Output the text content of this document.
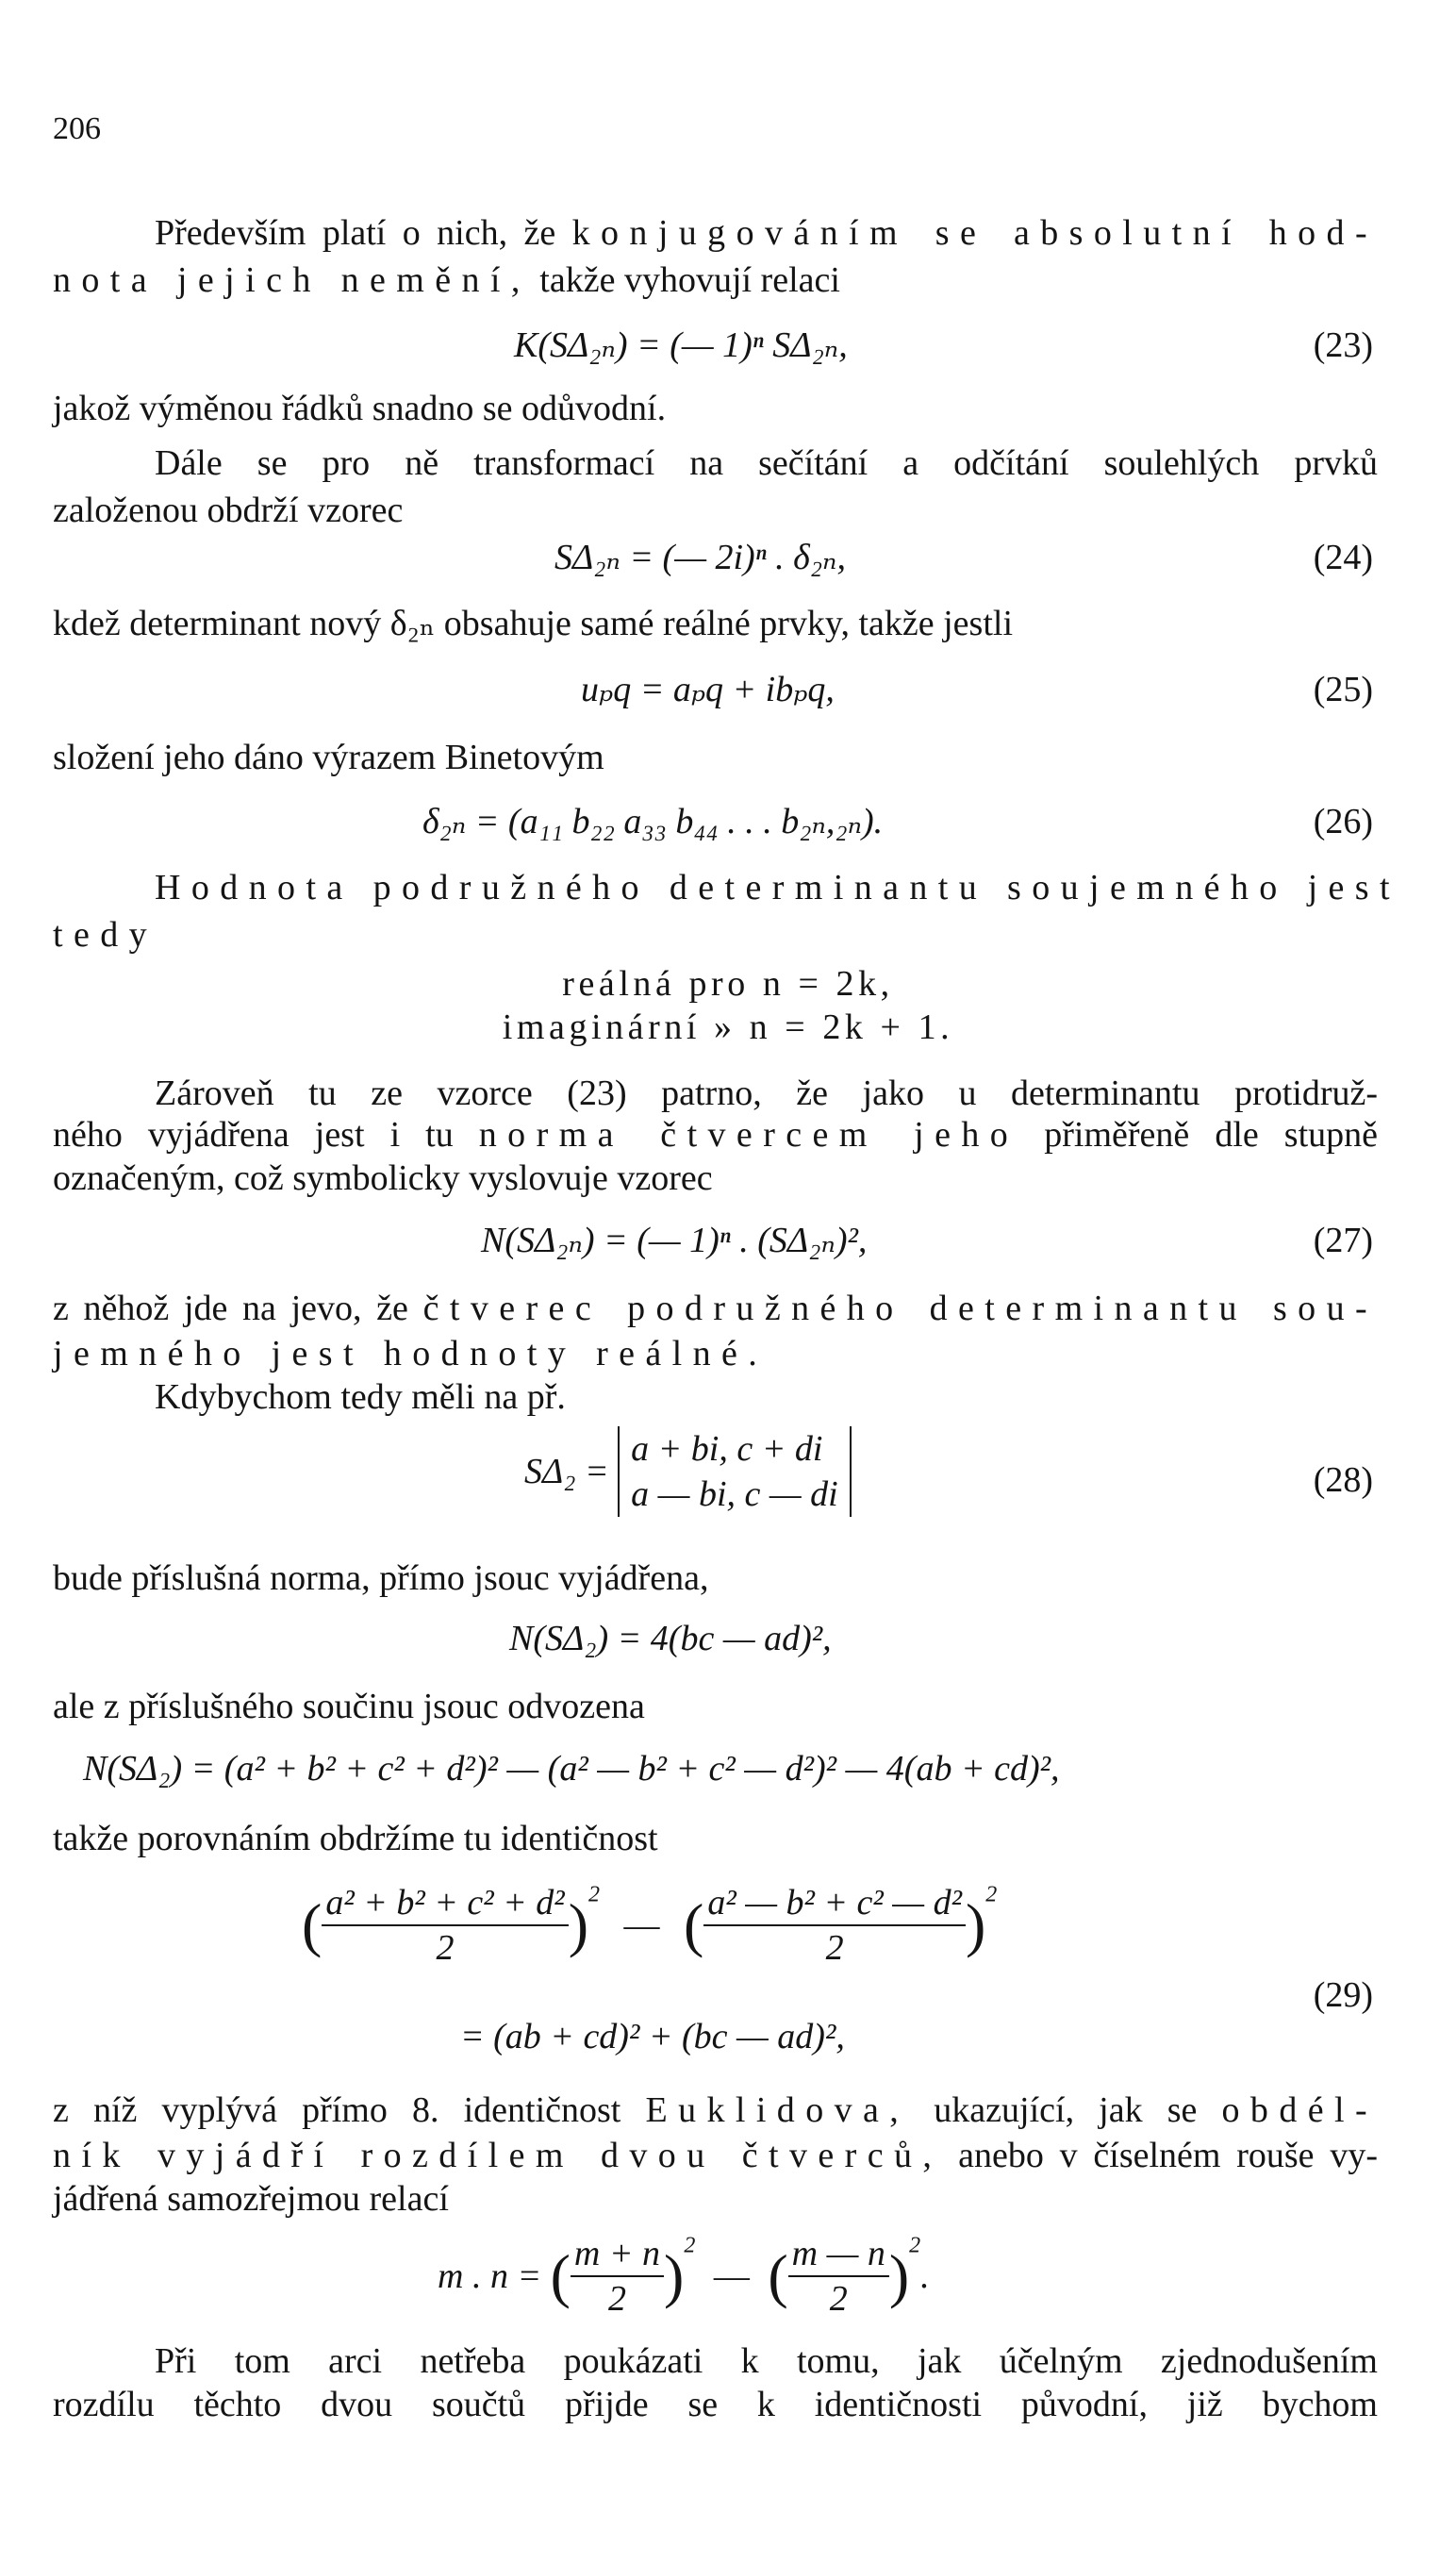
206
Především platí o nich, že konjugováním se absolutní hod-
nota jejich nemění, takže vyhovují relaci
K(SΔ₂ₙ) = (— 1)ⁿ SΔ₂ₙ,	(23)
jakož výměnou řádků snadno se odůvodní.
Dále se pro ně transformací na sečítání a odčítání soulehlých prvků
založenou obdrží vzorec
SΔ₂ₙ = (— 2i)ⁿ . δ₂ₙ,	(24)
kdež determinant nový δ₂ₙ obsahuje samé reálné prvky, takže jestli
uₚq = aₚq + ibₚq,	(25)
složení jeho dáno výrazem Binetovým
δ₂ₙ = (a₁₁ b₂₂ a₃₃ b₄₄ . . . b₂ₙ,₂ₙ).	(26)
Hodnota podružného determinantu soujemného jest
tedy
reálná pro n = 2k,
imaginární » n = 2k + 1.
Zároveň tu ze vzorce (23) patrno, že jako u determinantu protidruž-
ného vyjádřena jest i tu norma čtvercem jeho přiměřeně dle stupně
označeným, což symbolicky vyslovuje vzorec
N(SΔ₂ₙ) = (— 1)ⁿ . (SΔ₂ₙ)²,	(27)
z něhož jde na jevo, že čtverec podružného determinantu sou-
jemného jest hodnoty reálné.
Kdybychom tedy měli na př.
SΔ₂ =
a + bi, c + di
a — bi, c — di	(28)
bude příslušná norma, přímo jsouc vyjádřena,
N(SΔ₂) = 4(bc — ad)²,
ale z příslušného součinu jsouc odvozena
N(SΔ₂) = (a² + b² + c² + d²)² — (a² — b² + c² — d²)² — 4(ab + cd)²,
takže porovnáním obdržíme tu identičnost
( $\frac{\text{a² + b² + c² + d²}}{2} )^2$ — ( $\frac{\text{a² — b² + c² — d²}}{2} )^2$
= (ab + cd)² + (bc — ad)²,
(29)
z níž vyplývá přímo 8. identičnost Euklidova, ukazující, jak se obdél-
ník vyjádří rozdílem dvou čtverců, anebo v číselném rouše vy-
jádřená samozřejmou relací
m . n = ( $\frac{m + n}{2} )^2$ — ( $\frac{m — n}{2} )^2$.
Při tom arci netřeba poukázati k tomu, jak účelným zjednodušením
rozdílu těchto dvou součtů přijde se k identičnosti původní, již bychom
